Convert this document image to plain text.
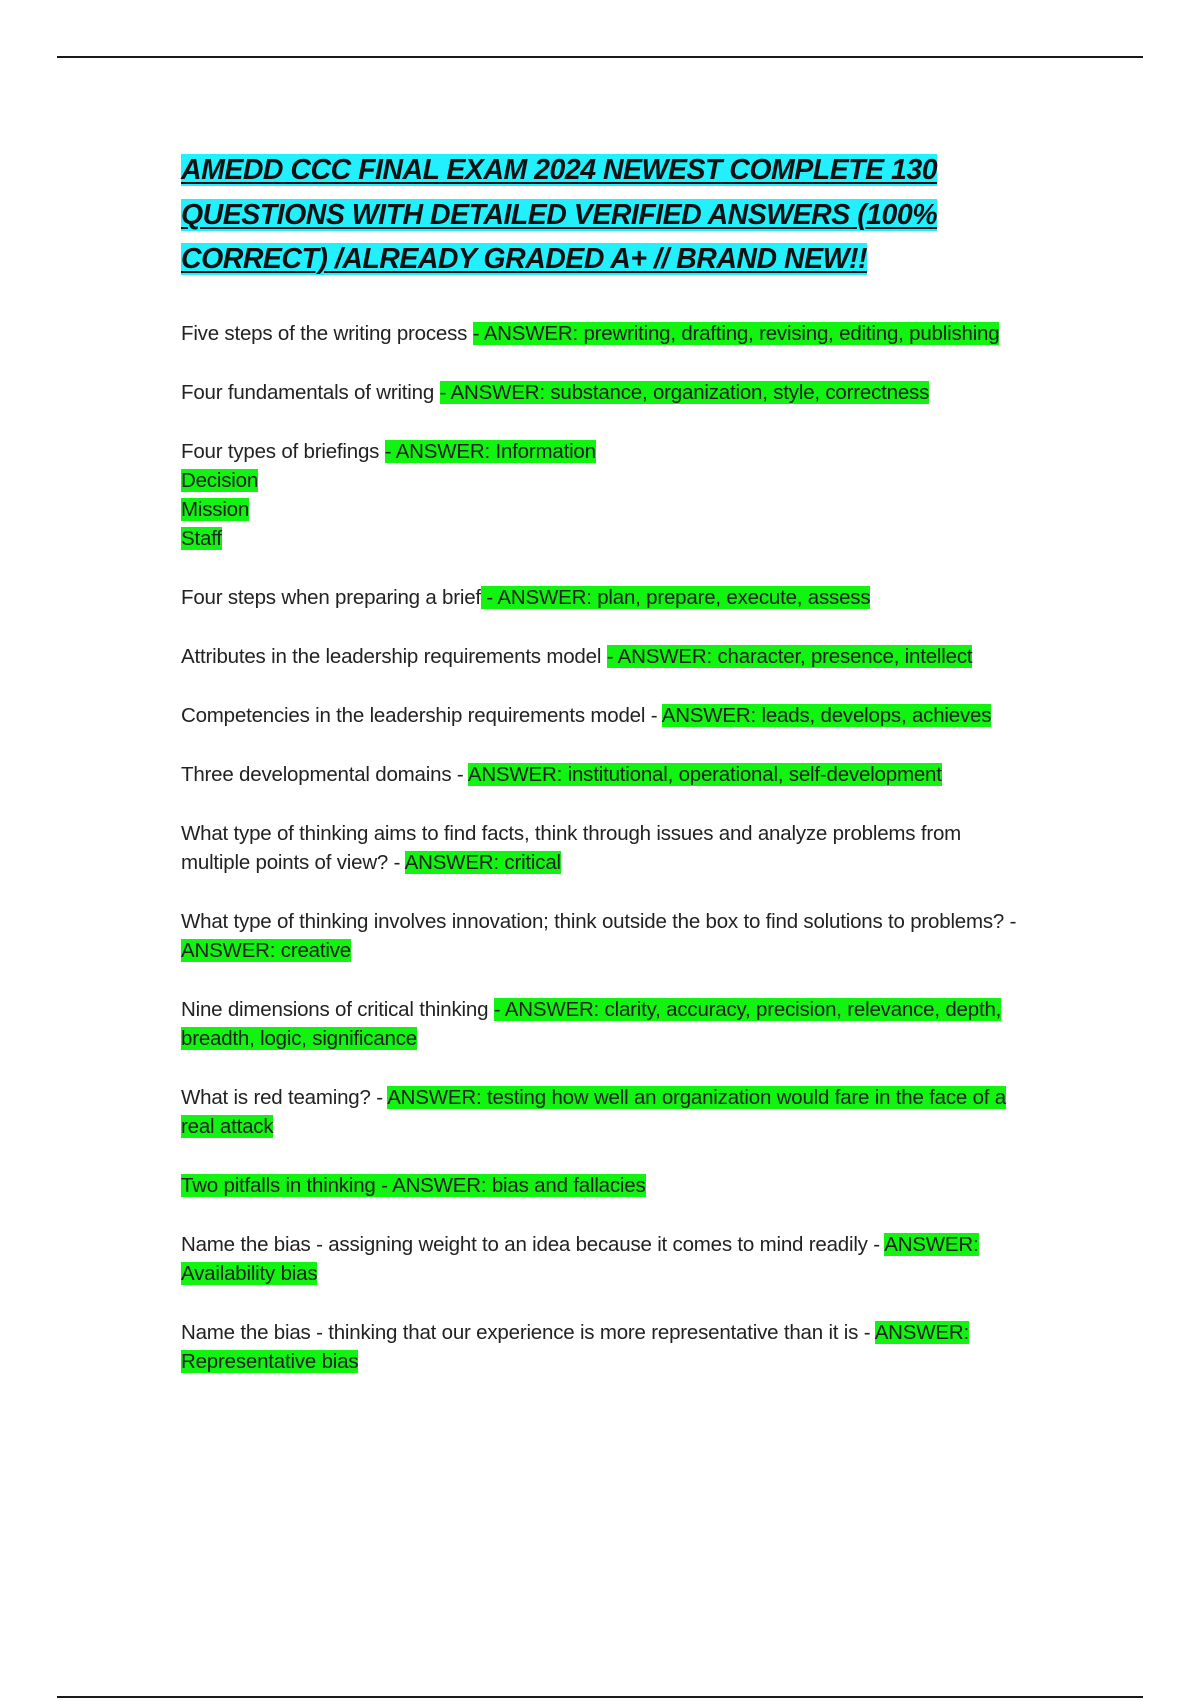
AMEDD CCC FINAL EXAM 2024 NEWEST COMPLETE 130 QUESTIONS WITH DETAILED VERIFIED ANSWERS (100% CORRECT) /ALREADY GRADED A+ // BRAND NEW!!

Five steps of the writing process - ANSWER: prewriting, drafting, revising, editing, publishing

Four fundamentals of writing - ANSWER: substance, organization, style, correctness

Four types of briefings - ANSWER: Information
Decision
Mission
Staff

Four steps when preparing a brief - ANSWER: plan, prepare, execute, assess

Attributes in the leadership requirements model - ANSWER: character, presence, intellect

Competencies in the leadership requirements model - ANSWER: leads, develops, achieves

Three developmental domains - ANSWER: institutional, operational, self-development

What type of thinking aims to find facts, think through issues and analyze problems from multiple points of view? - ANSWER: critical

What type of thinking involves innovation; think outside the box to find solutions to problems? - ANSWER: creative

Nine dimensions of critical thinking - ANSWER: clarity, accuracy, precision, relevance, depth, breadth, logic, significance

What is red teaming? - ANSWER: testing how well an organization would fare in the face of a real attack

Two pitfalls in thinking - ANSWER: bias and fallacies

Name the bias - assigning weight to an idea because it comes to mind readily - ANSWER: Availability bias

Name the bias - thinking that our experience is more representative than it is - ANSWER: Representative bias
